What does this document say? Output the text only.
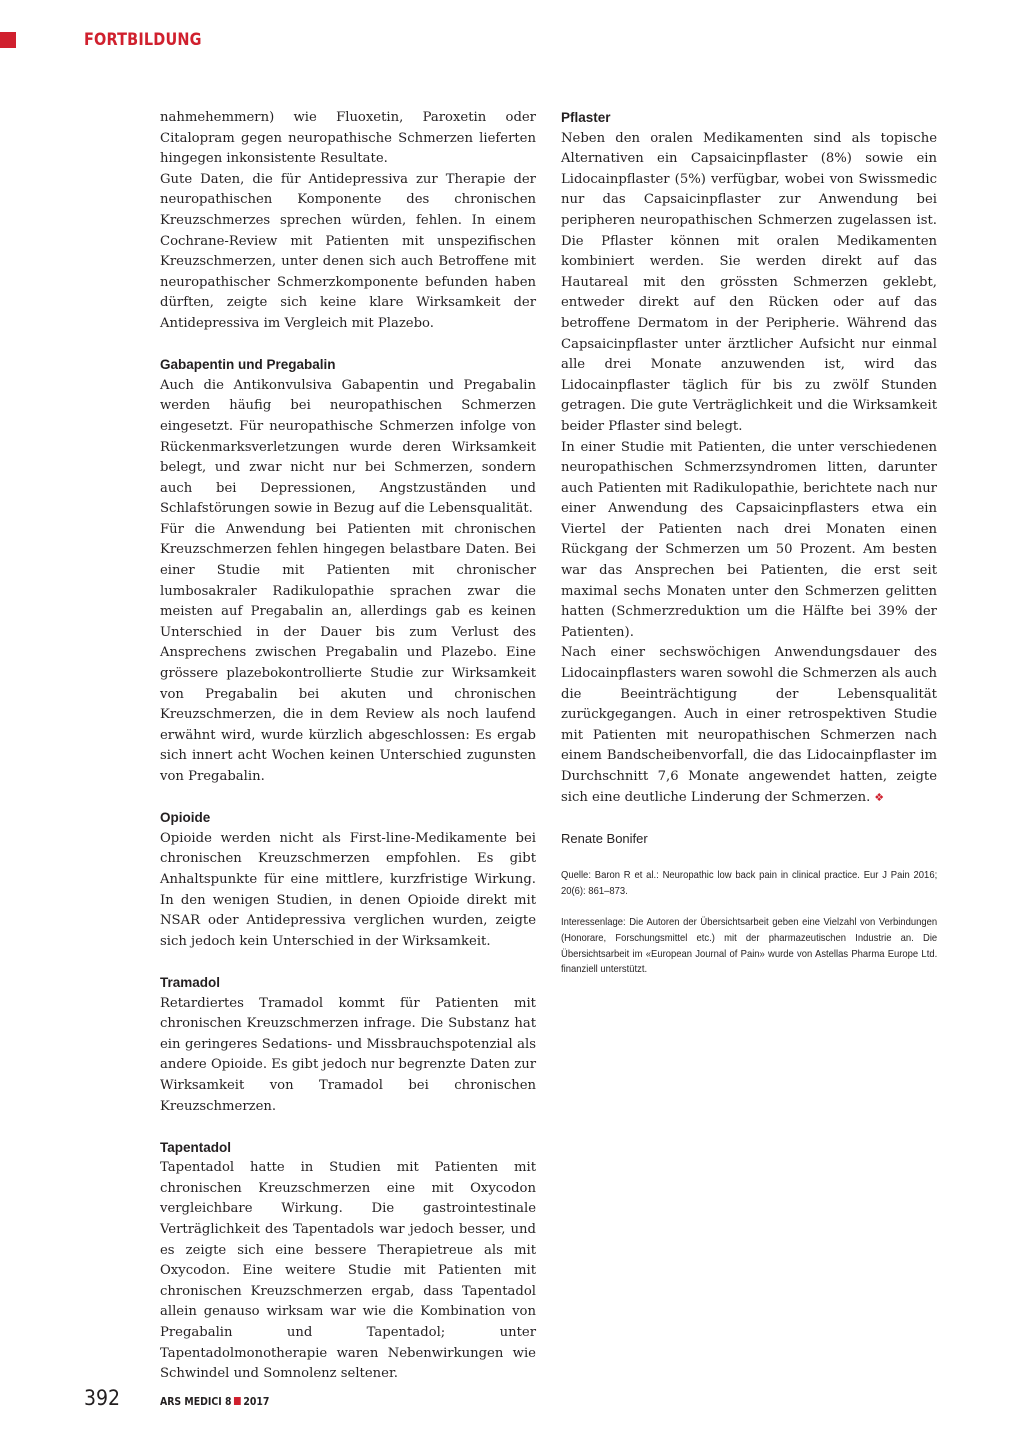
FORTBILDUNG

nahmehemmern) wie Fluoxetin, Paroxetin oder Citalopram gegen neuropathische Schmerzen lieferten hingegen inkonsistente Resultate.

Gute Daten, die für Antidepressiva zur Therapie der neuropathischen Komponente des chronischen Kreuzschmerzes sprechen würden, fehlen. In einem Cochrane-Review mit Patienten mit unspezifischen Kreuzschmerzen, unter denen sich auch Betroffene mit neuropathischer Schmerzkomponente befunden haben dürften, zeigte sich keine klare Wirksamkeit der Antidepressiva im Vergleich mit Plazebo.

Gabapentin und Pregabalin

Auch die Antikonvulsiva Gabapentin und Pregabalin werden häufig bei neuropathischen Schmerzen eingesetzt. Für neuropathische Schmerzen infolge von Rückenmarksverletzungen wurde deren Wirksamkeit belegt, und zwar nicht nur bei Schmerzen, sondern auch bei Depressionen, Angstzuständen und Schlafstörungen sowie in Bezug auf die Lebensqualität.

Für die Anwendung bei Patienten mit chronischen Kreuzschmerzen fehlen hingegen belastbare Daten. Bei einer Studie mit Patienten mit chronischer lumbosakraler Radikulopathie sprachen zwar die meisten auf Pregabalin an, allerdings gab es keinen Unterschied in der Dauer bis zum Verlust des Ansprechens zwischen Pregabalin und Plazebo. Eine grössere plazebokontrollierte Studie zur Wirksamkeit von Pregabalin bei akuten und chronischen Kreuzschmerzen, die in dem Review als noch laufend erwähnt wird, wurde kürzlich abgeschlossen: Es ergab sich innert acht Wochen keinen Unterschied zugunsten von Pregabalin.

Opioide

Opioide werden nicht als First-line-Medikamente bei chronischen Kreuzschmerzen empfohlen. Es gibt Anhaltspunkte für eine mittlere, kurzfristige Wirkung. In den wenigen Studien, in denen Opioide direkt mit NSAR oder Antidepressiva verglichen wurden, zeigte sich jedoch kein Unterschied in der Wirksamkeit.

Tramadol

Retardiertes Tramadol kommt für Patienten mit chronischen Kreuzschmerzen infrage. Die Substanz hat ein geringeres Sedations- und Missbrauchspotenzial als andere Opioide. Es gibt jedoch nur begrenzte Daten zur Wirksamkeit von Tramadol bei chronischen Kreuzschmerzen.

Tapentadol

Tapentadol hatte in Studien mit Patienten mit chronischen Kreuzschmerzen eine mit Oxycodon vergleichbare Wirkung. Die gastrointestinale Verträglichkeit des Tapentadols war jedoch besser, und es zeigte sich eine bessere Therapietreue als mit Oxycodon. Eine weitere Studie mit Patienten mit chronischen Kreuzschmerzen ergab, dass Tapentadol allein genauso wirksam war wie die Kombination von Pregabalin und Tapentadol; unter Tapentadolmonotherapie waren Nebenwirkungen wie Schwindel und Somnolenz seltener.

Pflaster

Neben den oralen Medikamenten sind als topische Alternativen ein Capsaicinpflaster (8%) sowie ein Lidocainpflaster (5%) verfügbar, wobei von Swissmedic nur das Capsaicinpflaster zur Anwendung bei peripheren neuropathischen Schmerzen zugelassen ist. Die Pflaster können mit oralen Medikamenten kombiniert werden. Sie werden direkt auf das Hautareal mit den grössten Schmerzen geklebt, entweder direkt auf den Rücken oder auf das betroffene Dermatom in der Peripherie. Während das Capsaicinpflaster unter ärztlicher Aufsicht nur einmal alle drei Monate anzuwenden ist, wird das Lidocainpflaster täglich für bis zu zwölf Stunden getragen. Die gute Verträglichkeit und die Wirksamkeit beider Pflaster sind belegt.

In einer Studie mit Patienten, die unter verschiedenen neuropathischen Schmerzsyndromen litten, darunter auch Patienten mit Radikulopathie, berichtete nach nur einer Anwendung des Capsaicinpflasters etwa ein Viertel der Patienten nach drei Monaten einen Rückgang der Schmerzen um 50 Prozent. Am besten war das Ansprechen bei Patienten, die erst seit maximal sechs Monaten unter den Schmerzen gelitten hatten (Schmerzreduktion um die Hälfte bei 39% der Patienten).

Nach einer sechswöchigen Anwendungsdauer des Lidocainpflasters waren sowohl die Schmerzen als auch die Beeinträchtigung der Lebensqualität zurückgegangen. Auch in einer retrospektiven Studie mit Patienten mit neuropathischen Schmerzen nach einem Bandscheibenvorfall, die das Lidocainpflaster im Durchschnitt 7,6 Monate angewendet hatten, zeigte sich eine deutliche Linderung der Schmerzen. ❖

Renate Bonifer

Quelle: Baron R et al.: Neuropathic low back pain in clinical practice. Eur J Pain 2016; 20(6): 861–873.

Interessenlage: Die Autoren der Übersichtsarbeit geben eine Vielzahl von Verbindungen (Honorare, Forschungsmittel etc.) mit der pharmazeutischen Industrie an. Die Übersichtsarbeit im «European Journal of Pain» wurde von Astellas Pharma Europe Ltd. finanziell unterstützt.

392	ARS MEDICI 8 2017
